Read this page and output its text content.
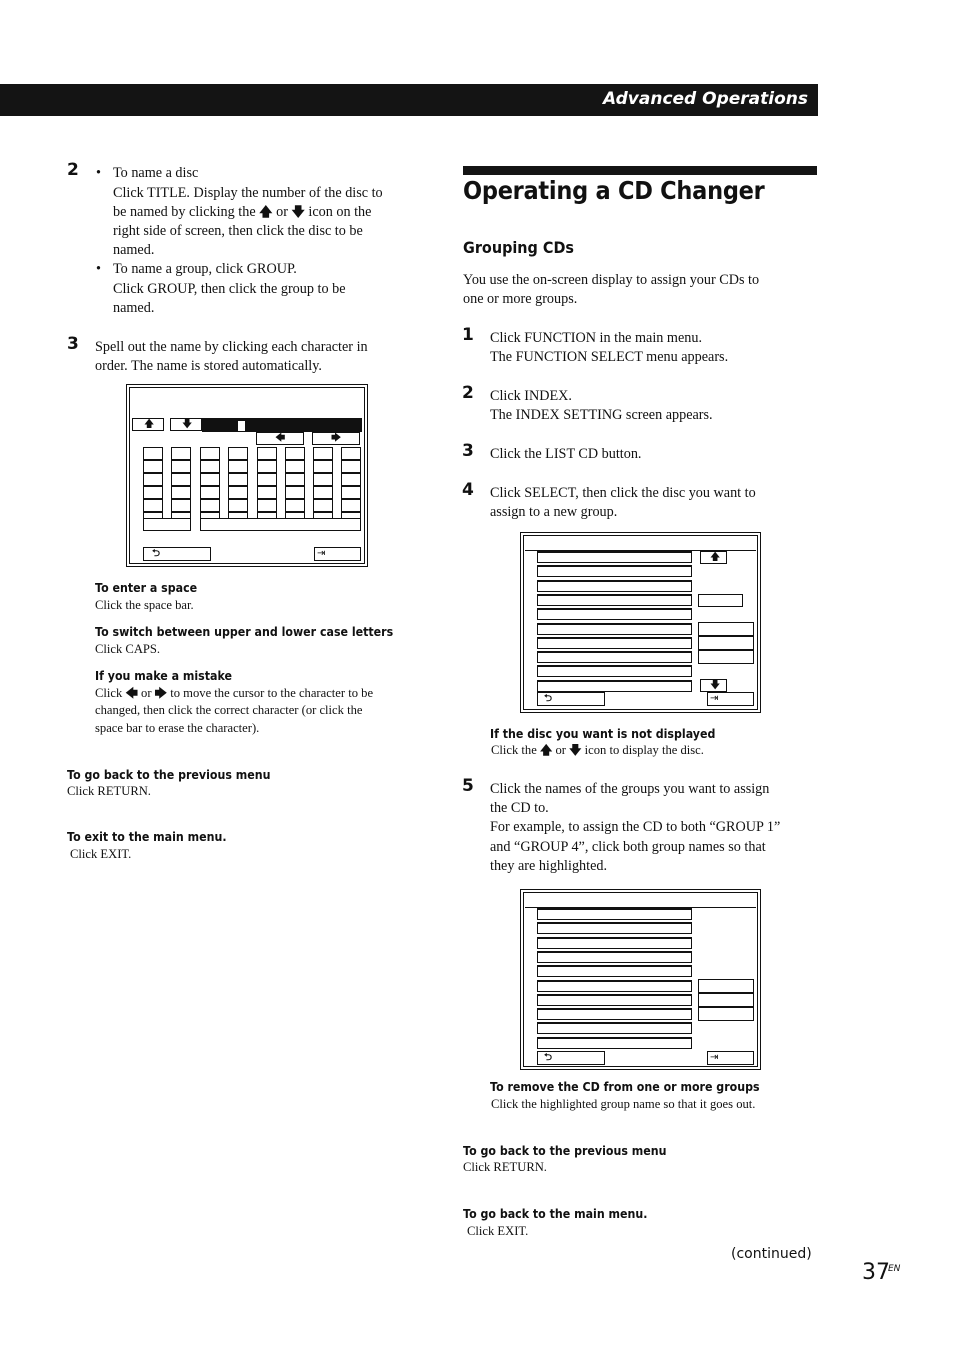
Advanced Operations
2 • To name a disc

Click TITLE. Display the number of the disc to

be named by clicking the 🡅 or 🡇 icon on the

right side of screen, then click the disc to be

named.

• To name a group, click GROUP.

Click GROUP, then click the group to be

named.

3 Spell out the name by clicking each character in

order. The name is stored automatically.

🡅	🡇
🡄	🡆
⮌	⇥

To enter a space

Click the space bar.

To switch between upper and lower case letters

Click CAPS.

If you make a mistake

Click 🡄 or 🡆 to move the cursor to the character to be

changed, then click the correct character (or click the

space bar to erase the character).

To go back to the previous menu

Click RETURN.

To exit to the main menu.

Click EXIT.

Operating a CD Changer

Grouping CDs

You use the on-screen display to assign your CDs to

one or more groups.

1 Click FUNCTION in the main menu.

The FUNCTION SELECT menu appears.

2 Click INDEX.

The INDEX SETTING screen appears.

3 Click the LIST CD button.

4 Click SELECT, then click the disc you want to

assign to a new group.

🡅
🡇
⮌	⇥

If the disc you want is not displayed

Click the 🡅 or 🡇 icon to display the disc.

5 Click the names of the groups you want to assign

the CD to.

For example, to assign the CD to both “GROUP 1”

and “GROUP 4”, click both group names so that

they are highlighted.

⮌	⇥

To remove the CD from one or more groups

Click the highlighted group name so that it goes out.

To go back to the previous menu

Click RETURN.

To go back to the main menu.

Click EXIT.

(continued)
37
EN
